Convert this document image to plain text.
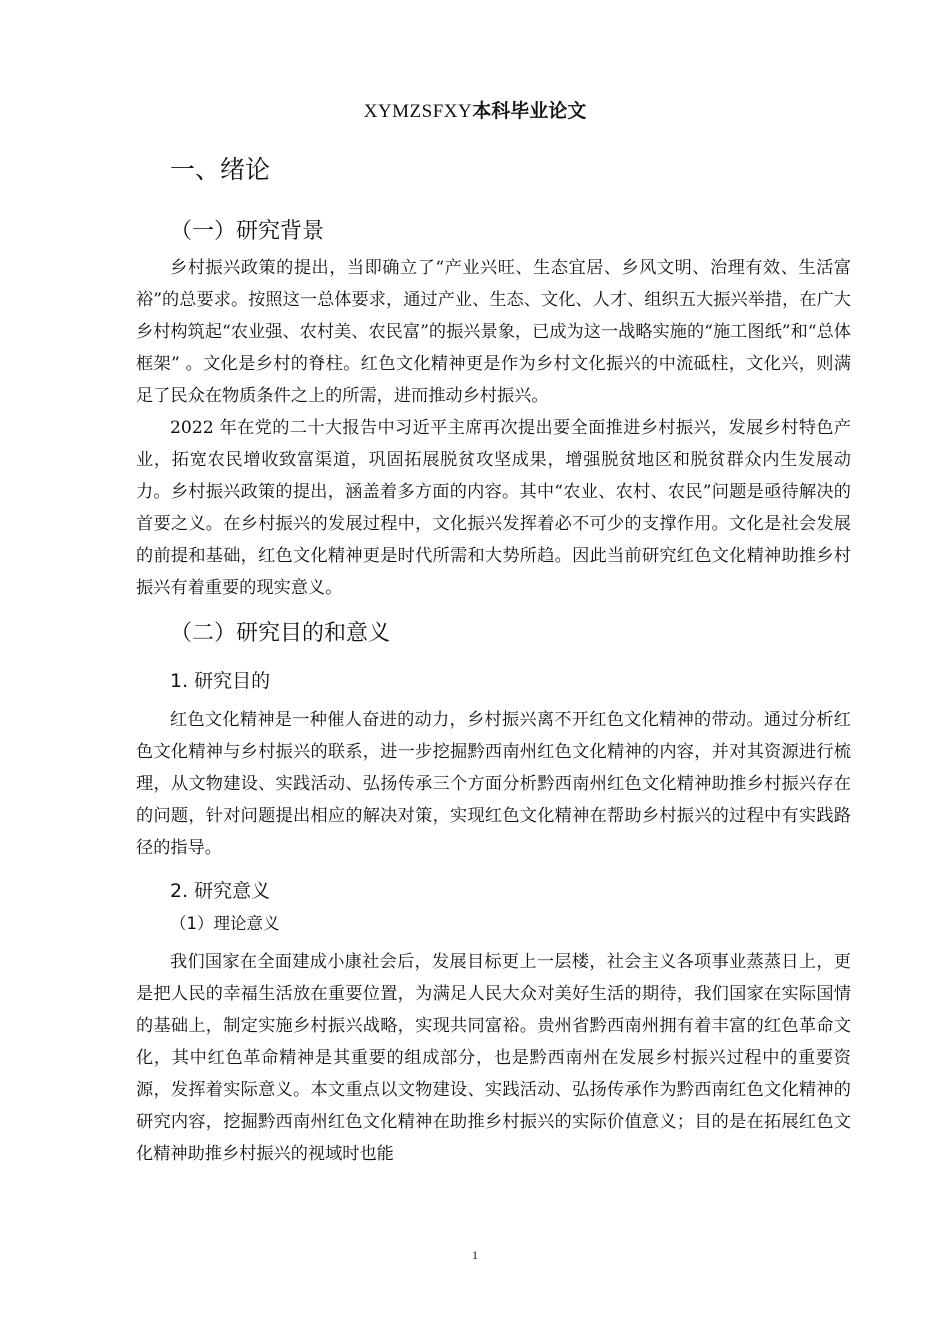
XYMZSFXY本科毕业论文
一、绪论
（一）研究背景

乡村振兴政策的提出，当即确立了“产业兴旺、生态宜居、乡风文明、治理有效、生活富裕”的总要求。按照这一总体要求，通过产业、生态、文化、人才、组织五大振兴举措，在广大乡村构筑起“农业强、农村美、农民富”的振兴景象，已成为这一战略实施的“施工图纸”和“总体框架” 。文化是乡村的脊柱。红色文化精神更是作为乡村文化振兴的中流砥柱，文化兴，则满足了民众在物质条件之上的所需，进而推动乡村振兴。

2022 年在党的二十大报告中习近平主席再次提出要全面推进乡村振兴，发展乡村特色产业，拓宽农民增收致富渠道，巩固拓展脱贫攻坚成果，增强脱贫地区和脱贫群众内生发展动力。乡村振兴政策的提出，涵盖着多方面的内容。其中“农业、农村、农民”问题是亟待解决的首要之义。在乡村振兴的发展过程中，文化振兴发挥着必不可少的支撑作用。文化是社会发展的前提和基础，红色文化精神更是时代所需和大势所趋。因此当前研究红色文化精神助推乡村振兴有着重要的现实意义。

（二）研究目的和意义
1. 研究目的

红色文化精神是一种催人奋进的动力，乡村振兴离不开红色文化精神的带动。通过分析红色文化精神与乡村振兴的联系，进一步挖掘黔西南州红色文化精神的内容，并对其资源进行梳理，从文物建设、实践活动、弘扬传承三个方面分析黔西南州红色文化精神助推乡村振兴存在的问题，针对问题提出相应的解决对策，实现红色文化精神在帮助乡村振兴的过程中有实践路径的指导。

2. 研究意义
（1）理论意义

我们国家在全面建成小康社会后，发展目标更上一层楼，社会主义各项事业蒸蒸日上，更是把人民的幸福生活放在重要位置，为满足人民大众对美好生活的期待，我们国家在实际国情的基础上，制定实施乡村振兴战略，实现共同富裕。贵州省黔西南州拥有着丰富的红色革命文化，其中红色革命精神是其重要的组成部分，也是黔西南州在发展乡村振兴过程中的重要资源，发挥着实际意义。本文重点以文物建设、实践活动、弘扬传承作为黔西南红色文化精神的研究内容，挖掘黔西南州红色文化精神在助推乡村振兴的实际价值意义；目的是在拓展红色文化精神助推乡村振兴的视域时也能

1
